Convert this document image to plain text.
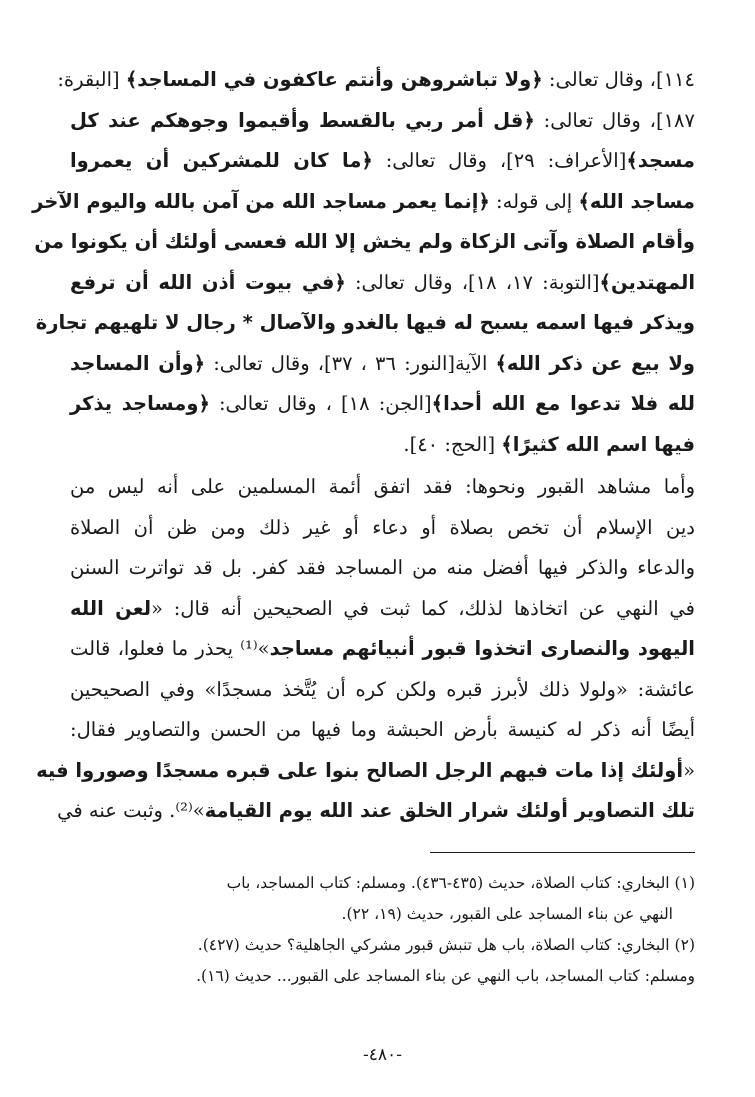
١١٤]، وقال تعالى: ﴿ولا تباشروهن وأنتم عاكفون في المساجد﴾ [البقرة:
١٨٧]، وقال تعالى: ﴿قل أمر ربي بالقسط وأقيموا وجوهكم عند كل
مسجد﴾[الأعراف: ٢٩]، وقال تعالى: ﴿ما كان للمشركين أن يعمروا
مساجد الله﴾ إلى قوله: ﴿إنما يعمر مساجد الله من آمن بالله واليوم الآخر
وأقام الصلاة وآتى الزكاة ولم يخش إلا الله فعسى أولئك أن يكونوا من
المهتدين﴾[التوبة: ١٧، ١٨]، وقال تعالى: ﴿في بيوت أذن الله أن ترفع
ويذكر فيها اسمه يسبح له فيها بالغدو والآصال * رجال لا تلهيهم تجارة
ولا بيع عن ذكر الله﴾ الآية[النور: ٣٦ ، ٣٧]، وقال تعالى: ﴿وأن المساجد
لله فلا تدعوا مع الله أحدا﴾[الجن: ١٨] ، وقال تعالى: ﴿ومساجد يذكر
فيها اسم الله كثيرًا﴾ [الحج: ٤٠].
وأما مشاهد القبور ونحوها: فقد اتفق أئمة المسلمين على أنه ليس من
دين الإسلام أن تخص بصلاة أو دعاء أو غير ذلك ومن ظن أن الصلاة
والدعاء والذكر فيها أفضل منه من المساجد فقد كفر. بل قد تواترت السنن
في النهي عن اتخاذها لذلك، كما ثبت في الصحيحين أنه قال: «لعن الله
اليهود والنصارى اتخذوا قبور أنبيائهم مساجد»⁽¹⁾ يحذر ما فعلوا، قالت
عائشة: «ولولا ذلك لأبرز قبره ولكن كره أن يُتَّخذ مسجدًا» وفي الصحيحين
أيضًا أنه ذكر له كنيسة بأرض الحبشة وما فيها من الحسن والتصاوير فقال:
«أولئك إذا مات فيهم الرجل الصالح بنوا على قبره مسجدًا وصوروا فيه
تلك التصاوير أولئك شرار الخلق عند الله يوم القيامة»⁽²⁾. وثبت عنه في

(١) البخاري: كتاب الصلاة، حديث (٤٣٥-٤٣٦). ومسلم: كتاب المساجد، باب
النهي عن بناء المساجد على القبور، حديث (١٩، ٢٢).

(٢) البخاري: كتاب الصلاة، باب هل تنبش قبور مشركي الجاهلية؟ حديث (٤٢٧).
ومسلم: كتاب المساجد، باب النهي عن بناء المساجد على القبور... حديث (١٦).

-٤٨٠-
